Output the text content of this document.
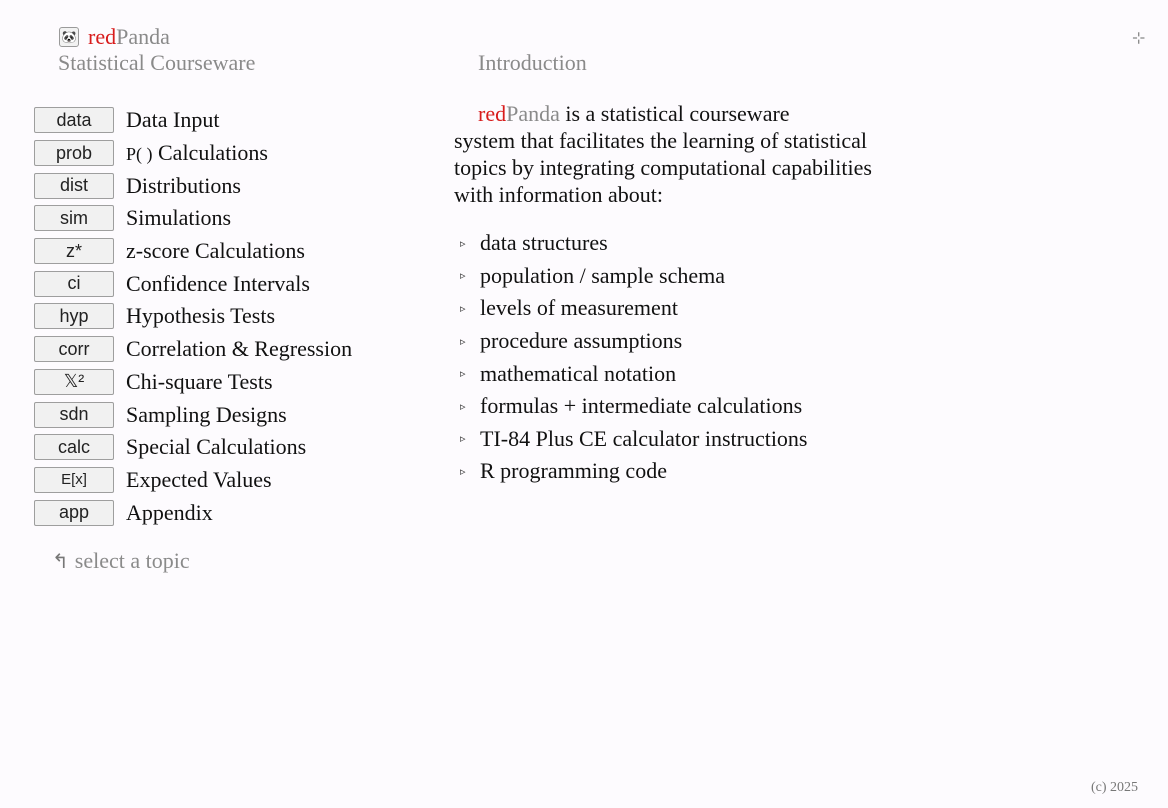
🐼 redPanda
Statistical Courseware	Introduction
⊹
data	Data Input
prob	P( ) Calculations
dist	Distributions
sim	Simulations
z*	z-score Calculations
ci	Confidence Intervals
hyp	Hypothesis Tests
corr	Correlation & Regression
𝕏²	Chi-square Tests
sdn	Sampling Designs
calc	Special Calculations
E[x]	Expected Values
app	Appendix
↰ select a topic
redPanda is a statistical courseware
system that facilitates the learning of statistical
topics by integrating computational capabilities
with information about:
▹ data structures
▹ population / sample schema
▹ levels of measurement
▹ procedure assumptions
▹ mathematical notation
▹ formulas + intermediate calculations
▹ TI-84 Plus CE calculator instructions
▹ R programming code
(c) 2025
